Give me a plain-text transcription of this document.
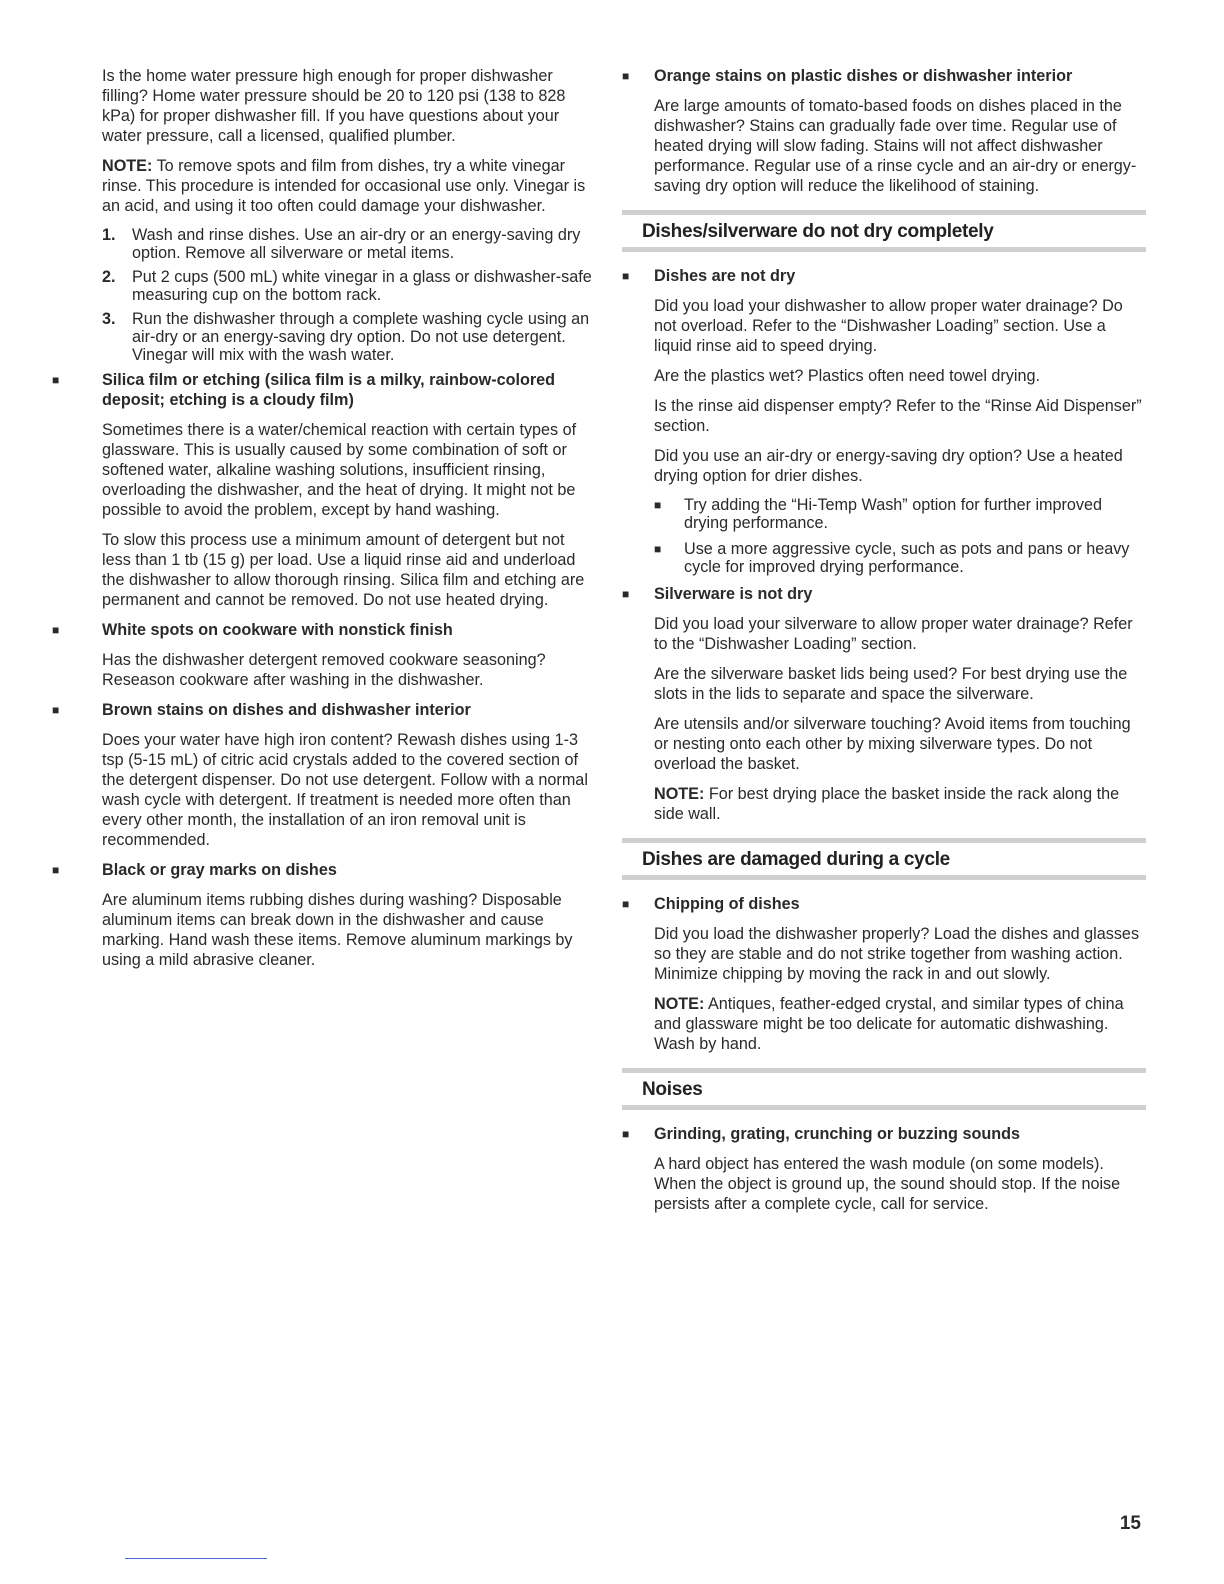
Is the home water pressure high enough for proper dishwasher filling? Home water pressure should be 20 to 120 psi (138 to 828 kPa) for proper dishwasher fill. If you have questions about your water pressure, call a licensed, qualified plumber.

NOTE: To remove spots and film from dishes, try a white vinegar rinse. This procedure is intended for occasional use only. Vinegar is an acid, and using it too often could damage your dishwasher.

1.	Wash and rinse dishes. Use an air-dry or an energy-saving dry option. Remove all silverware or metal items.
2.	Put 2 cups (500 mL) white vinegar in a glass or dishwasher-safe measuring cup on the bottom rack.
3.	Run the dishwasher through a complete washing cycle using an air-dry or an energy-saving dry option. Do not use detergent. Vinegar will mix with the wash water.
■	Silica film or etching (silica film is a milky, rainbow-colored deposit; etching is a cloudy film)

Sometimes there is a water/chemical reaction with certain types of glassware. This is usually caused by some combination of soft or softened water, alkaline washing solutions, insufficient rinsing, overloading the dishwasher, and the heat of drying. It might not be possible to avoid the problem, except by hand washing.

To slow this process use a minimum amount of detergent but not less than 1 tb (15 g) per load. Use a liquid rinse aid and underload the dishwasher to allow thorough rinsing. Silica film and etching are permanent and cannot be removed. Do not use heated drying.

■	White spots on cookware with nonstick finish

Has the dishwasher detergent removed cookware seasoning? Reseason cookware after washing in the dishwasher.

■	Brown stains on dishes and dishwasher interior

Does your water have high iron content? Rewash dishes using 1-3 tsp (5-15 mL) of citric acid crystals added to the covered section of the detergent dispenser. Do not use detergent. Follow with a normal wash cycle with detergent. If treatment is needed more often than every other month, the installation of an iron removal unit is recommended.

■	Black or gray marks on dishes

Are aluminum items rubbing dishes during washing? Disposable aluminum items can break down in the dishwasher and cause marking. Hand wash these items. Remove aluminum markings by using a mild abrasive cleaner.

■	Orange stains on plastic dishes or dishwasher interior

Are large amounts of tomato-based foods on dishes placed in the dishwasher? Stains can gradually fade over time. Regular use of heated drying will slow fading. Stains will not affect dishwasher performance. Regular use of a rinse cycle and an air-dry or energy-saving dry option will reduce the likelihood of staining.

Dishes/silverware do not dry completely
■	Dishes are not dry

Did you load your dishwasher to allow proper water drainage? Do not overload. Refer to the “Dishwasher Loading” section. Use a liquid rinse aid to speed drying.

Are the plastics wet? Plastics often need towel drying.

Is the rinse aid dispenser empty? Refer to the “Rinse Aid Dispenser” section.

Did you use an air-dry or energy-saving dry option? Use a heated drying option for drier dishes.

■	Try adding the “Hi-Temp Wash” option for further improved drying performance.
■	Use a more aggressive cycle, such as pots and pans or heavy cycle for improved drying performance.
■	Silverware is not dry

Did you load your silverware to allow proper water drainage? Refer to the “Dishwasher Loading” section.

Are the silverware basket lids being used? For best drying use the slots in the lids to separate and space the silverware.

Are utensils and/or silverware touching? Avoid items from touching or nesting onto each other by mixing silverware types. Do not overload the basket.

NOTE: For best drying place the basket inside the rack along the side wall.

Dishes are damaged during a cycle
■	Chipping of dishes

Did you load the dishwasher properly? Load the dishes and glasses so they are stable and do not strike together from washing action. Minimize chipping by moving the rack in and out slowly.

NOTE: Antiques, feather-edged crystal, and similar types of china and glassware might be too delicate for automatic dishwashing. Wash by hand.

Noises
■	Grinding, grating, crunching or buzzing sounds

A hard object has entered the wash module (on some models). When the object is ground up, the sound should stop. If the noise persists after a complete cycle, call for service.

15
